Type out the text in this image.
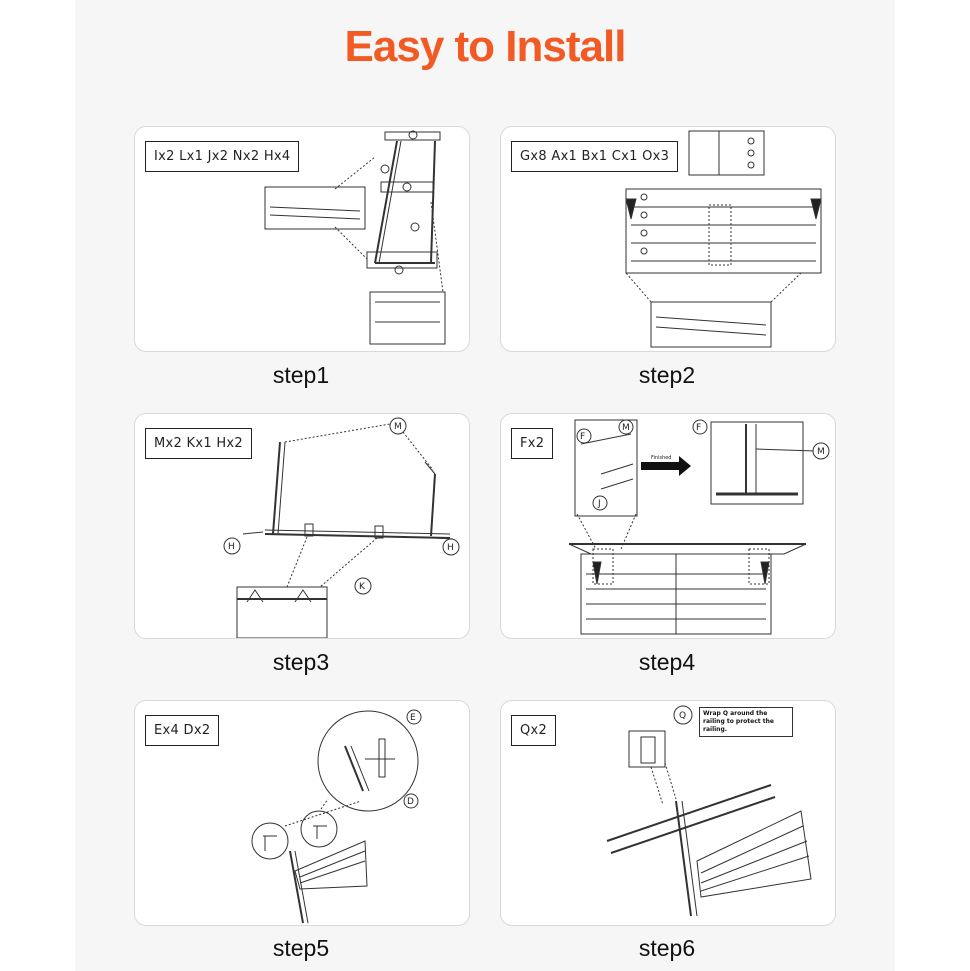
Easy to Install
Ix2 Lx1 Jx2 Nx2 Hx4
step1
Gx8 Ax1 Bx1 Cx1 Ox3
step2
M
H	H
K
Mx2 Kx1 Hx2
step3
Finished
F
M
J
F
M
Fx2
step4
E
D
Ex4 Dx2
step5
Q
Qx2
Wrap Q around the railing to protect the railing.
step6
